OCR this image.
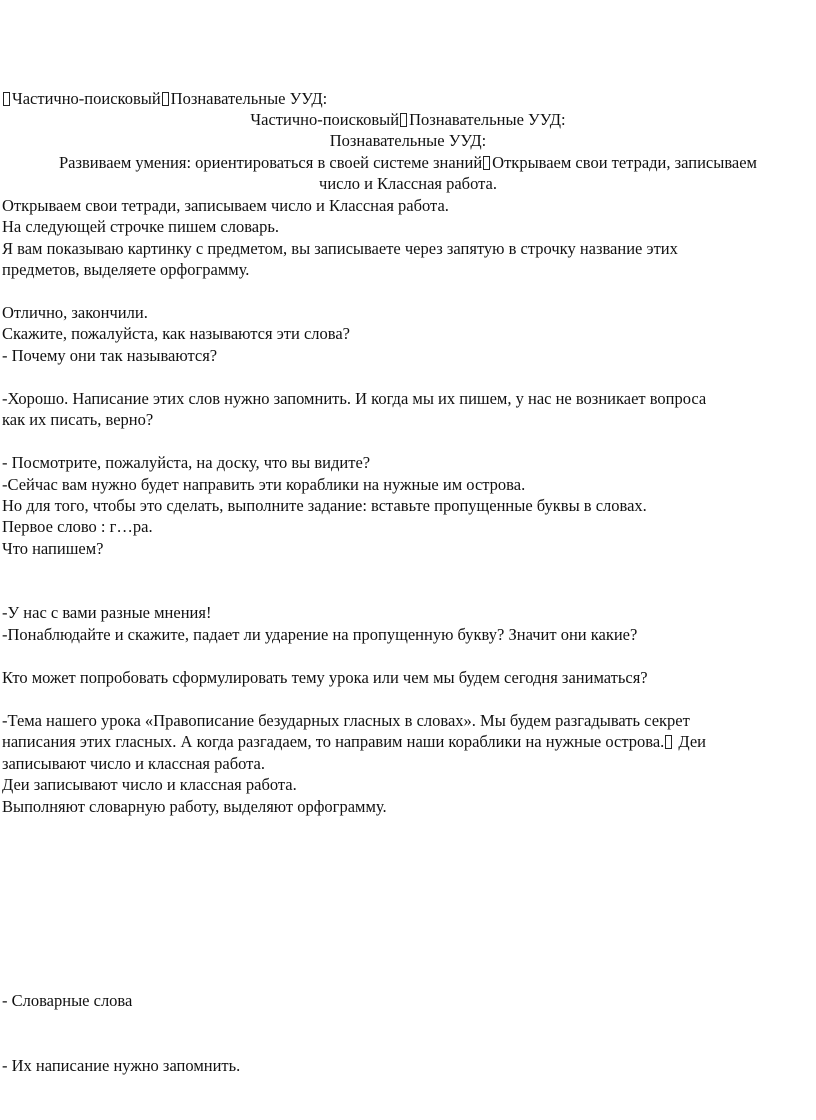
Частично-поисковый Познавательные УУД:
Частично-поисковый Познавательные УУД:
Познавательные УУД:
Развиваем умения: ориентироваться в своей системе знаний Открываем свои тетради, записываем
число и Классная работа.
Открываем свои тетради, записываем число и Классная работа.
На следующей строчке пишем словарь.
Я вам показываю картинку с предметом, вы записываете через запятую в строчку название этих
предметов, выделяете орфограмму.
Отлично, закончили.
Скажите, пожалуйста, как называются эти слова?
- Почему они так называются?
-Хорошо. Написание этих слов нужно запомнить. И когда мы их пишем, у нас не возникает вопроса
как их писать, верно?
- Посмотрите, пожалуйста, на доску, что вы видите?
-Сейчас вам нужно будет направить эти кораблики на нужные им острова.
Но для того, чтобы это сделать, выполните задание: вставьте пропущенные буквы в словах.
Первое слово : г…ра.
Что напишем?
-У нас с вами разные мнения!
-Понаблюдайте и скажите, падает ли ударение на пропущенную букву? Значит они какие?
Кто может попробовать сформулировать тему урока или чем мы будем сегодня заниматься?
-Тема нашего урока «Правописание безударных гласных в словах». Мы будем разгадывать секрет
написания этих гласных. А когда разгадаем, то направим наши кораблики на нужные острова. Деи
записывают число и классная работа.
Деи записывают число и классная работа.
Выполняют словарную работу, выделяют орфограмму.
- Словарные слова
- Их написание нужно запомнить.
